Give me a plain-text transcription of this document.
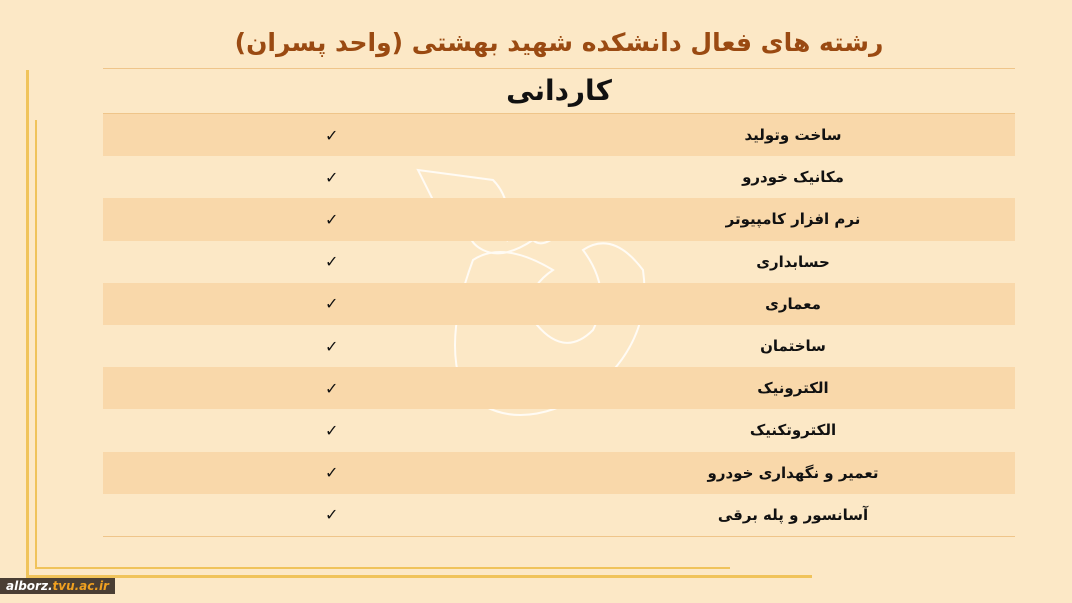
رشته های فعال دانشکده شهید بهشتی (واحد پسران)
کاردانی
ساخت وتولید
✓
مکانیک خودرو
✓
نرم افزار کامپیوتر
✓
حسابداری
✓
معماری
✓
ساختمان
✓
الکترونیک
✓
الکتروتکنیک
✓
تعمیر و نگهداری خودرو
✓
آسانسور و پله برقی
✓
alborz.tvu.ac.ir
